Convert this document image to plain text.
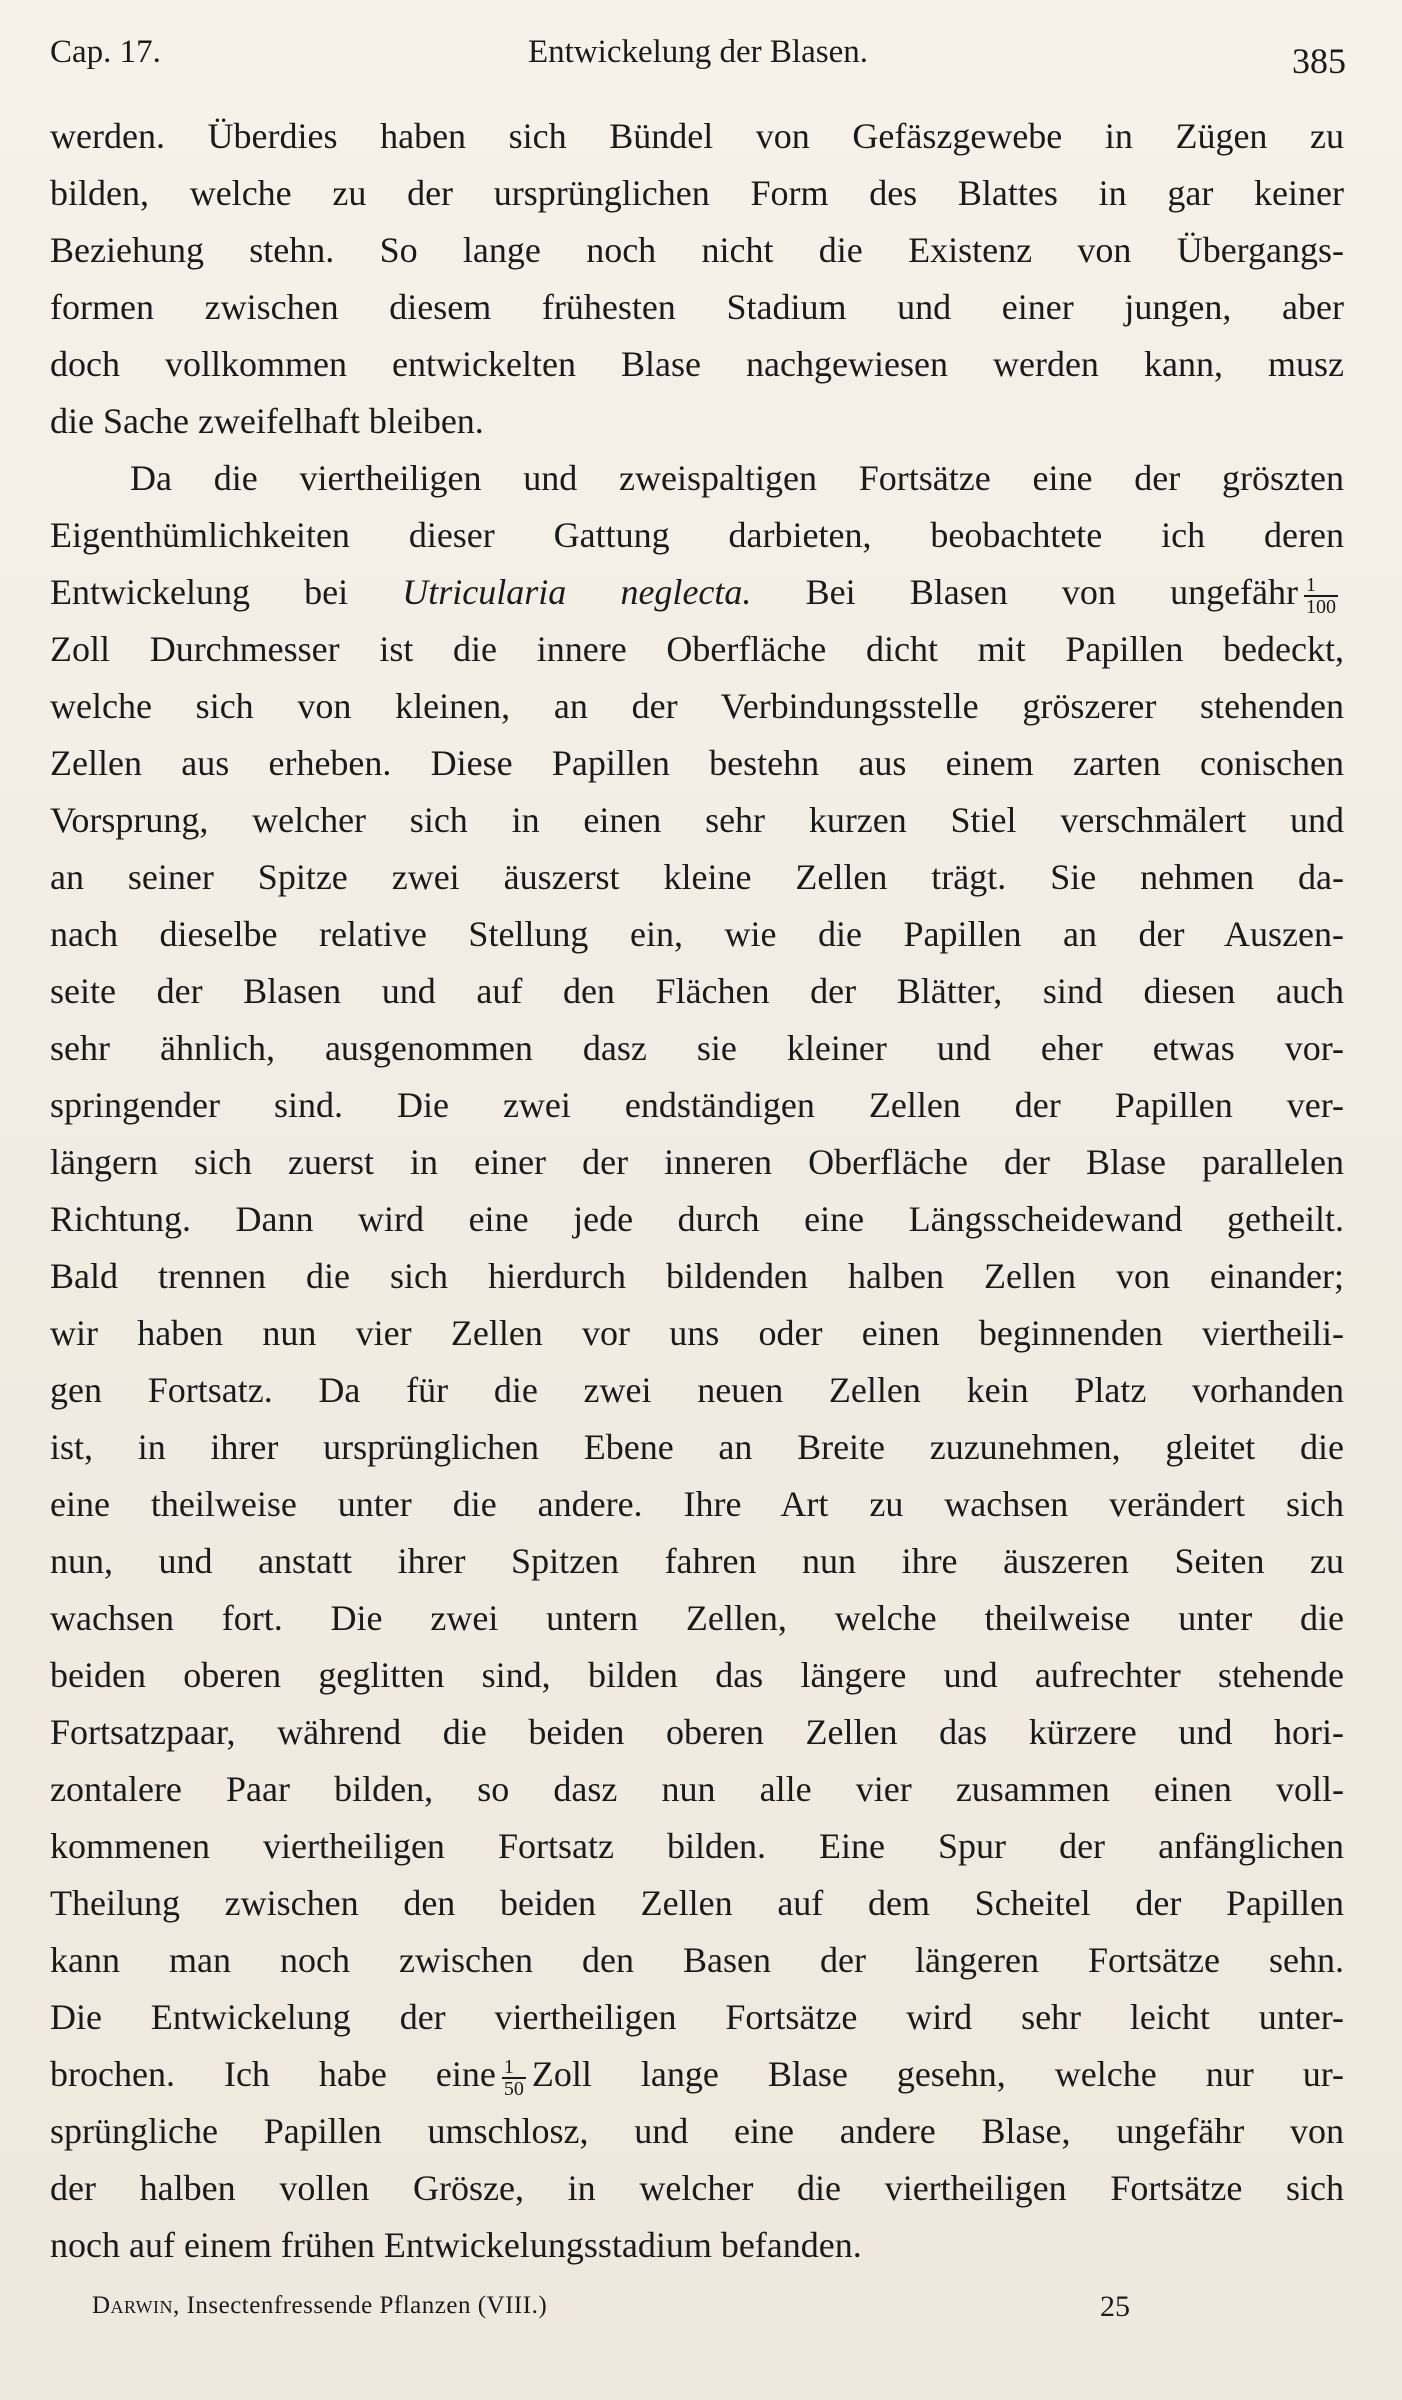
Cap. 17.	Entwickelung der Blasen.	385
werden. Überdies haben sich Bündel von Gefäszgewebe in Zügen zu
bilden, welche zu der ursprünglichen Form des Blattes in gar keiner
Beziehung stehn. So lange noch nicht die Existenz von Übergangs-
formen zwischen diesem frühesten Stadium und einer jungen, aber
doch vollkommen entwickelten Blase nachgewiesen werden kann, musz
die Sache zweifelhaft bleiben.
Da die viertheiligen und zweispaltigen Fortsätze eine der gröszten
Eigenthümlichkeiten dieser Gattung darbieten, beobachtete ich deren
Entwickelung bei Utricularia neglecta. Bei Blasen von ungefähr $\frac{1}{100}$
Zoll Durchmesser ist die innere Oberfläche dicht mit Papillen bedeckt,
welche sich von kleinen, an der Verbindungsstelle gröszerer stehenden
Zellen aus erheben. Diese Papillen bestehn aus einem zarten conischen
Vorsprung, welcher sich in einen sehr kurzen Stiel verschmälert und
an seiner Spitze zwei äuszerst kleine Zellen trägt. Sie nehmen da-
nach dieselbe relative Stellung ein, wie die Papillen an der Auszen-
seite der Blasen und auf den Flächen der Blätter, sind diesen auch
sehr ähnlich, ausgenommen dasz sie kleiner und eher etwas vor-
springender sind. Die zwei endständigen Zellen der Papillen ver-
längern sich zuerst in einer der inneren Oberfläche der Blase parallelen
Richtung. Dann wird eine jede durch eine Längsscheidewand getheilt.
Bald trennen die sich hierdurch bildenden halben Zellen von einander;
wir haben nun vier Zellen vor uns oder einen beginnenden viertheili-
gen Fortsatz. Da für die zwei neuen Zellen kein Platz vorhanden
ist, in ihrer ursprünglichen Ebene an Breite zuzunehmen, gleitet die
eine theilweise unter die andere. Ihre Art zu wachsen verändert sich
nun, und anstatt ihrer Spitzen fahren nun ihre äuszeren Seiten zu
wachsen fort. Die zwei untern Zellen, welche theilweise unter die
beiden oberen geglitten sind, bilden das längere und aufrechter stehende
Fortsatzpaar, während die beiden oberen Zellen das kürzere und hori-
zontalere Paar bilden, so dasz nun alle vier zusammen einen voll-
kommenen viertheiligen Fortsatz bilden. Eine Spur der anfänglichen
Theilung zwischen den beiden Zellen auf dem Scheitel der Papillen
kann man noch zwischen den Basen der längeren Fortsätze sehn.
Die Entwickelung der viertheiligen Fortsätze wird sehr leicht unter-
brochen. Ich habe eine $\frac{1}{50}$ Zoll lange Blase gesehn, welche nur ur-
sprüngliche Papillen umschlosz, und eine andere Blase, ungefähr von
der halben vollen Grösze, in welcher die viertheiligen Fortsätze sich
noch auf einem frühen Entwickelungsstadium befanden.
Darwin, Insectenfressende Pflanzen (VIII.)	25
